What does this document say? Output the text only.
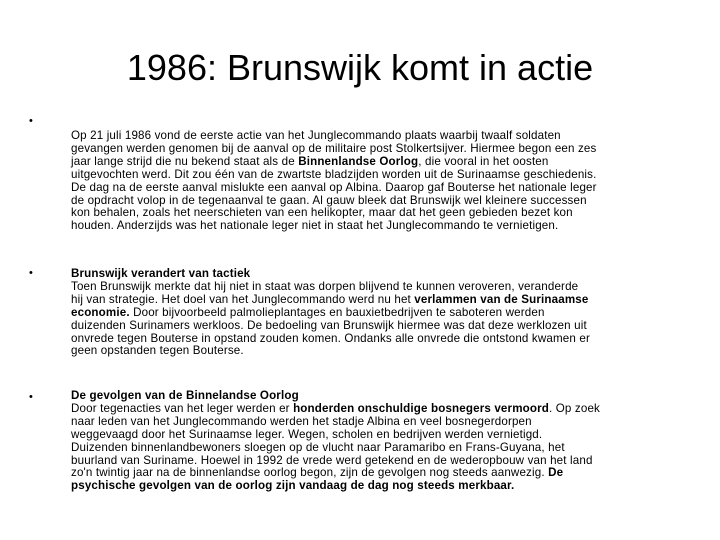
1986: Brunswijk komt in actie
•
Op 21 juli 1986 vond de eerste actie van het Junglecommando plaats waarbij twaalf soldaten
gevangen werden genomen bij de aanval op de militaire post Stolkertsijver. Hiermee begon een zes
jaar lange strijd die nu bekend staat als de Binnenlandse Oorlog, die vooral in het oosten
uitgevochten werd. Dit zou één van de zwartste bladzijden worden uit de Surinaamse geschiedenis.
De dag na de eerste aanval mislukte een aanval op Albina. Daarop gaf Bouterse het nationale leger
de opdracht volop in de tegenaanval te gaan. Al gauw bleek dat Brunswijk wel kleinere successen
kon behalen, zoals het neerschieten van een helikopter, maar dat het geen gebieden bezet kon
houden. Anderzijds was het nationale leger niet in staat het Junglecommando te vernietigen.
•	Brunswijk verandert van tactiek
Toen Brunswijk merkte dat hij niet in staat was dorpen blijvend te kunnen veroveren, veranderde
hij van strategie. Het doel van het Junglecommando werd nu het verlammen van de Surinaamse
economie. Door bijvoorbeeld palmolieplantages en bauxietbedrijven te saboteren werden
duizenden Surinamers werkloos. De bedoeling van Brunswijk hiermee was dat deze werklozen uit
onvrede tegen Bouterse in opstand zouden komen. Ondanks alle onvrede die ontstond kwamen er
geen opstanden tegen Bouterse.
•	De gevolgen van de Binnelandse Oorlog
Door tegenacties van het leger werden er honderden onschuldige bosnegers vermoord. Op zoek
naar leden van het Junglecommando werden het stadje Albina en veel bosnegerdorpen
weggevaagd door het Surinaamse leger. Wegen, scholen en bedrijven werden vernietigd.
Duizenden binnenlandbewoners sloegen op de vlucht naar Paramaribo en Frans-Guyana, het
buurland van Suriname. Hoewel in 1992 de vrede werd getekend en de wederopbouw van het land
zo'n twintig jaar na de binnenlandse oorlog begon, zijn de gevolgen nog steeds aanwezig. De
psychische gevolgen van de oorlog zijn vandaag de dag nog steeds merkbaar.
